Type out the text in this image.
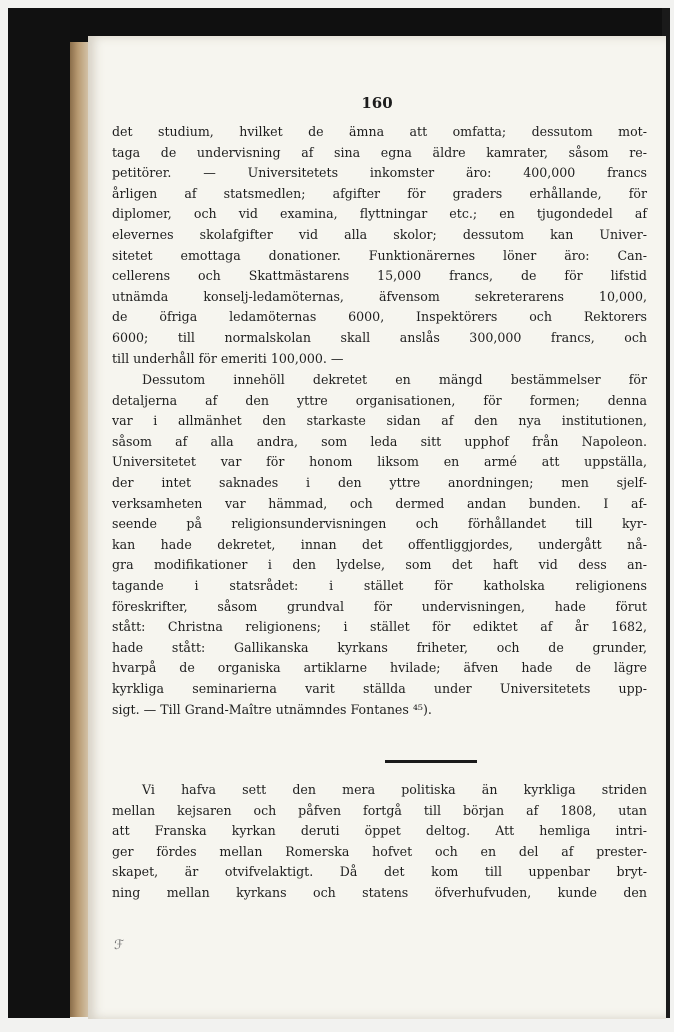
160
det studium, hvilket de ämna att omfatta; dessutom mot-
taga de undervisning af sina egna äldre kamrater, såsom re-
petitörer. — Universitetets inkomster äro: 400,000 francs
årligen af statsmedlen; afgifter för graders erhållande, för
diplomer, och vid examina, flyttningar etc.; en tjugondedel af
elevernes skolafgifter vid alla skolor; dessutom kan Univer-
sitetet emottaga donationer. Funktionärernes löner äro: Can-
cellerens och Skattmästarens 15,000 francs, de för lifstid
utnämda konselj-ledamöternas, äfvensom sekreterarens 10,000,
de öfriga ledamöternas 6000, Inspektörers och Rektorers
6000; till normalskolan skall anslås 300,000 francs, och
till underhåll för emeriti 100,000. —
Dessutom innehöll dekretet en mängd bestämmelser för
detaljerna af den yttre organisationen, för formen; denna
var i allmänhet den starkaste sidan af den nya institutionen,
såsom af alla andra, som leda sitt upphof från Napoleon.
Universitetet var för honom liksom en armé att uppställa,
der intet saknades i den yttre anordningen; men sjelf-
verksamheten var hämmad, och dermed andan bunden. I af-
seende på religionsundervisningen och förhållandet till kyr-
kan hade dekretet, innan det offentliggjordes, undergått nå-
gra modifikationer i den lydelse, som det haft vid dess an-
tagande i statsrådet: i stället för katholska religionens
föreskrifter, såsom grundval för undervisningen, hade förut
stått: Christna religionens; i stället för ediktet af år 1682,
hade stått: Gallikanska kyrkans friheter, och de grunder,
hvarpå de organiska artiklarne hvilade; äfven hade de lägre
kyrkliga seminarierna varit ställda under Universitetets upp-
sigt. — Till Grand-Maître utnämndes Fontanes ⁴⁵).
Vi hafva sett den mera politiska än kyrkliga striden
mellan kejsaren och påfven fortgå till början af 1808, utan
att Franska kyrkan deruti öppet deltog. Att hemliga intri-
ger fördes mellan Romerska hofvet och en del af prester-
skapet, är otvifvelaktigt. Då det kom till uppenbar bryt-
ning mellan kyrkans och statens öfverhufvuden, kunde den
ℱ
